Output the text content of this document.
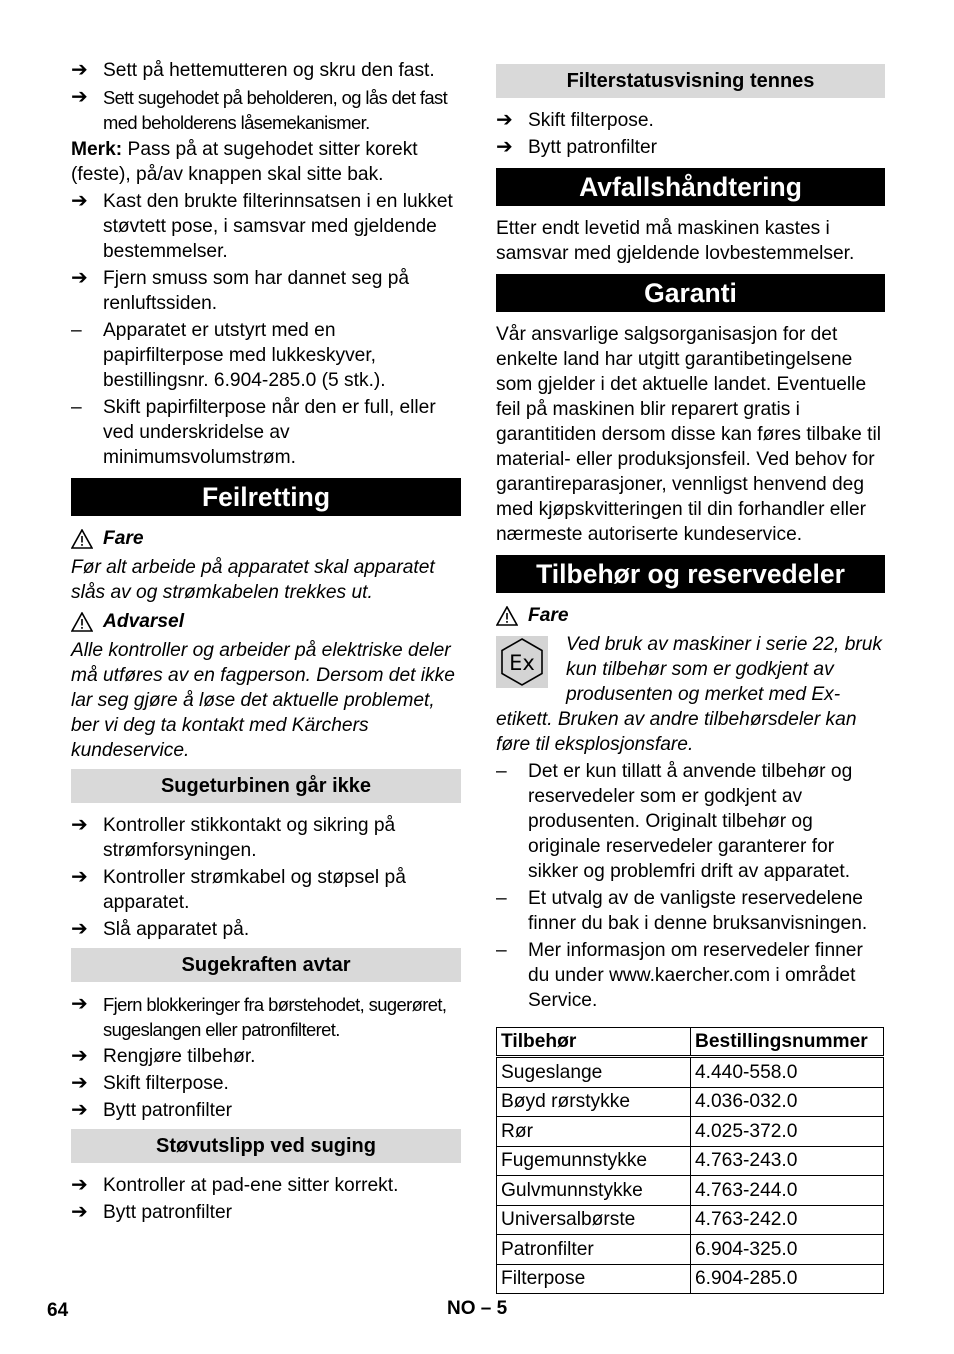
➔ Sett på hettemutteren og skru den fast.
➔ Sett sugehodet på beholderen, og lås det fast med beholderens låsemekanismer.

Merk: Pass på at sugehodet sitter korekt (feste), på/av knappen skal sitte bak.

➔ Kast den brukte filterinnsatsen i en lukket støvtett pose, i samsvar med gjeldende bestemmelser.
➔ Fjern smuss som har dannet seg på renluftssiden.
– Apparatet er utstyrt med en papirfilterpose med lukkeskyver, bestillingsnr. 6.904-285.0 (5 stk.).
– Skift papirfilterpose når den er full, eller ved underskridelse av minimumsvolumstrøm.
Feilretting
Fare

Før alt arbeide på apparatet skal apparatet slås av og strømkabelen trekkes ut.

Advarsel

Alle kontroller og arbeider på elektriske deler må utføres av en fagperson. Dersom det ikke lar seg gjøre å løse det aktuelle problemet, ber vi deg ta kontakt med Kärchers kundeservice.

Sugeturbinen går ikke
➔ Kontroller stikkontakt og sikring på strømforsyningen.
➔ Kontroller strømkabel og støpsel på apparatet.
➔ Slå apparatet på.
Sugekraften avtar
➔ Fjern blokkeringer fra børstehodet, sugerøret, sugeslangen eller patronfilteret.
➔ Rengjøre tilbehør.
➔ Skift filterpose.
➔ Bytt patronfilter
Støvutslipp ved suging
➔ Kontroller at pad-ene sitter korrekt.
➔ Bytt patronfilter
Filterstatusvisning tennes
➔ Skift filterpose.
➔ Bytt patronfilter
Avfallshåndtering

Etter endt levetid må maskinen kastes i samsvar med gjeldende lovbestemmelser.

Garanti

Vår ansvarlige salgsorganisasjon for det enkelte land har utgitt garantibetingelsene som gjelder i det aktuelle landet. Eventuelle feil på maskinen blir reparert gratis i garantitiden dersom disse kan føres tilbake til material- eller produksjonsfeil. Ved behov for garantireparasjoner, vennligst henvend deg med kjøpskvitteringen til din forhandler eller nærmeste autoriserte kundeservice.

Tilbehør og reservedeler
Fare
Ex

Ved bruk av maskiner i serie 22, bruk kun tilbehør som er godkjent av produsenten og merket med Ex-etikett. Bruken av andre tilbehørsdeler kan føre til eksplosjonsfare.

– Det er kun tillatt å anvende tilbehør og reservedeler som er godkjent av produsenten. Originalt tilbehør og originale reservedeler garanterer for sikker og problemfri drift av apparatet.
– Et utvalg av de vanligste reservedelene finner du bak i denne bruksanvisningen.
– Mer informasjon om reservedeler finner du under www.kaercher.com i området Service.
Tilbehør	Bestillingsnummer
Sugeslange	4.440-558.0
Bøyd rørstykke	4.036-032.0
Rør	4.025-372.0
Fugemunnstykke	4.763-243.0
Gulvmunnstykke	4.763-244.0
Universalbørste	4.763-242.0
Patronfilter	6.904-325.0
Filterpose	6.904-285.0
64	NO – 5
